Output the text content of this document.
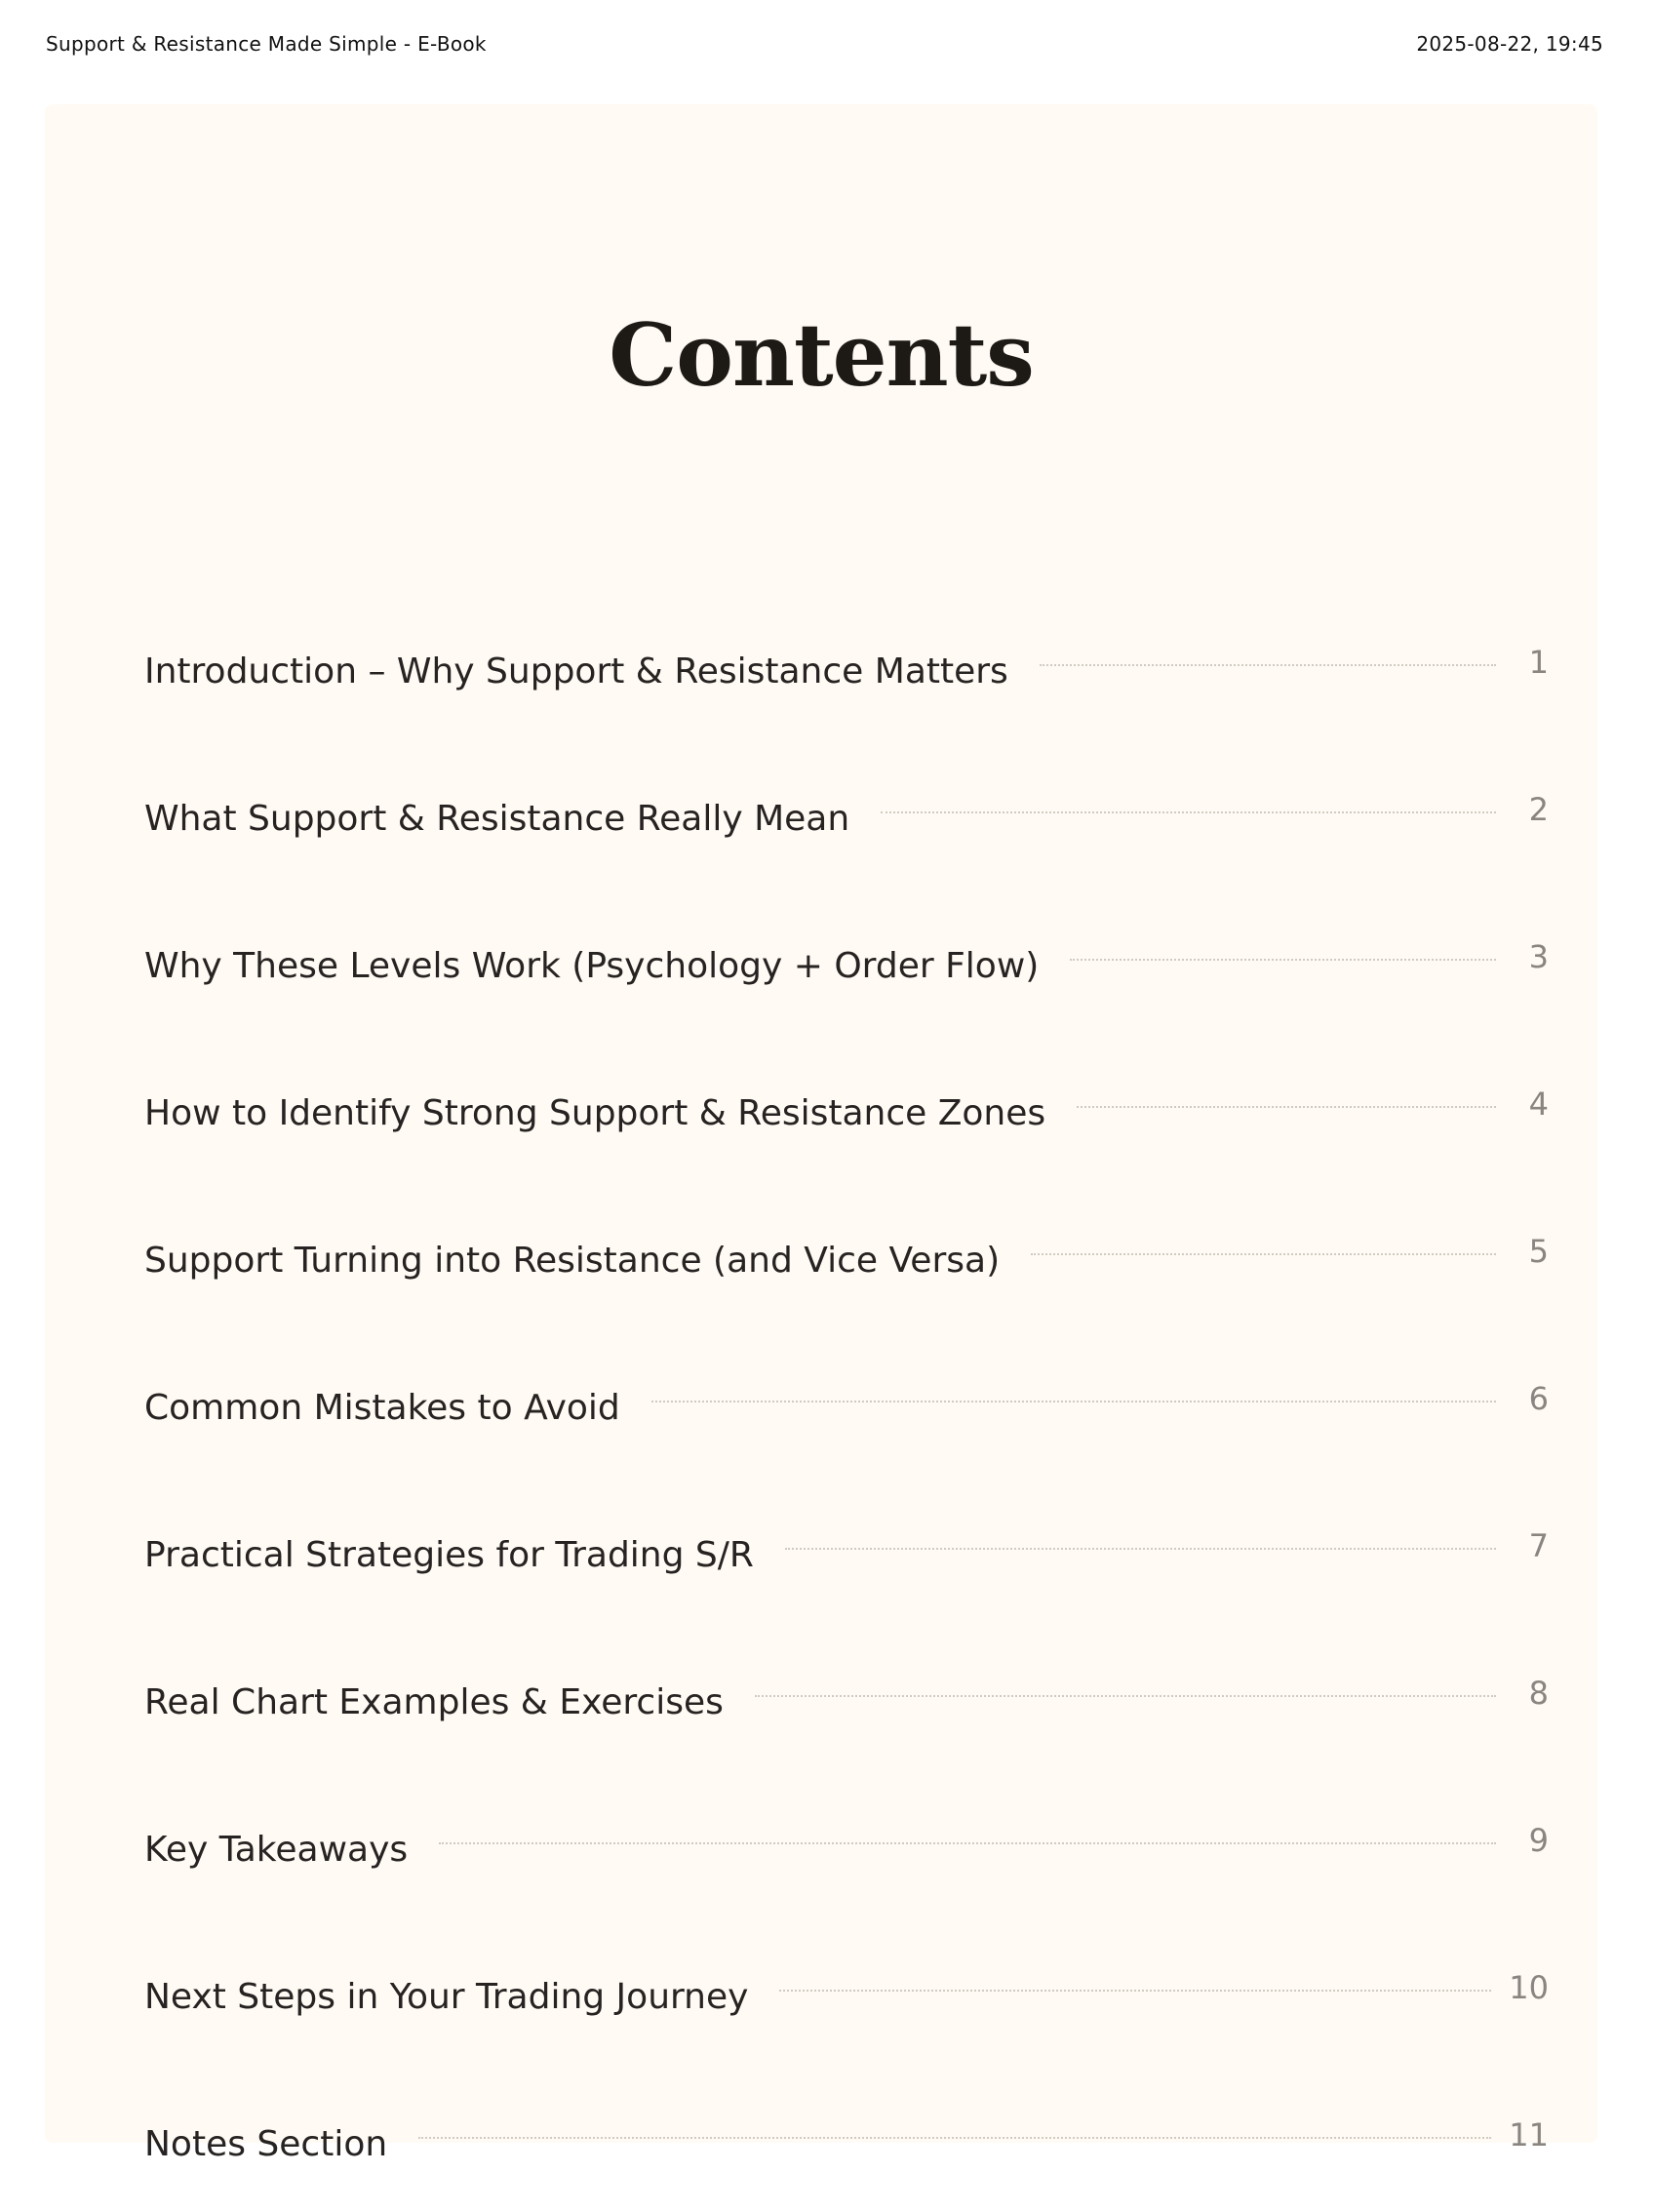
Support & Resistance Made Simple - E-Book	2025-08-22, 19:45
Contents
Introduction – Why Support & Resistance Matters	1
What Support & Resistance Really Mean	2
Why These Levels Work (Psychology + Order Flow)	3
How to Identify Strong Support & Resistance Zones	4
Support Turning into Resistance (and Vice Versa)	5
Common Mistakes to Avoid	6
Practical Strategies for Trading S/R	7
Real Chart Examples & Exercises	8
Key Takeaways	9
Next Steps in Your Trading Journey	10
Notes Section	11
